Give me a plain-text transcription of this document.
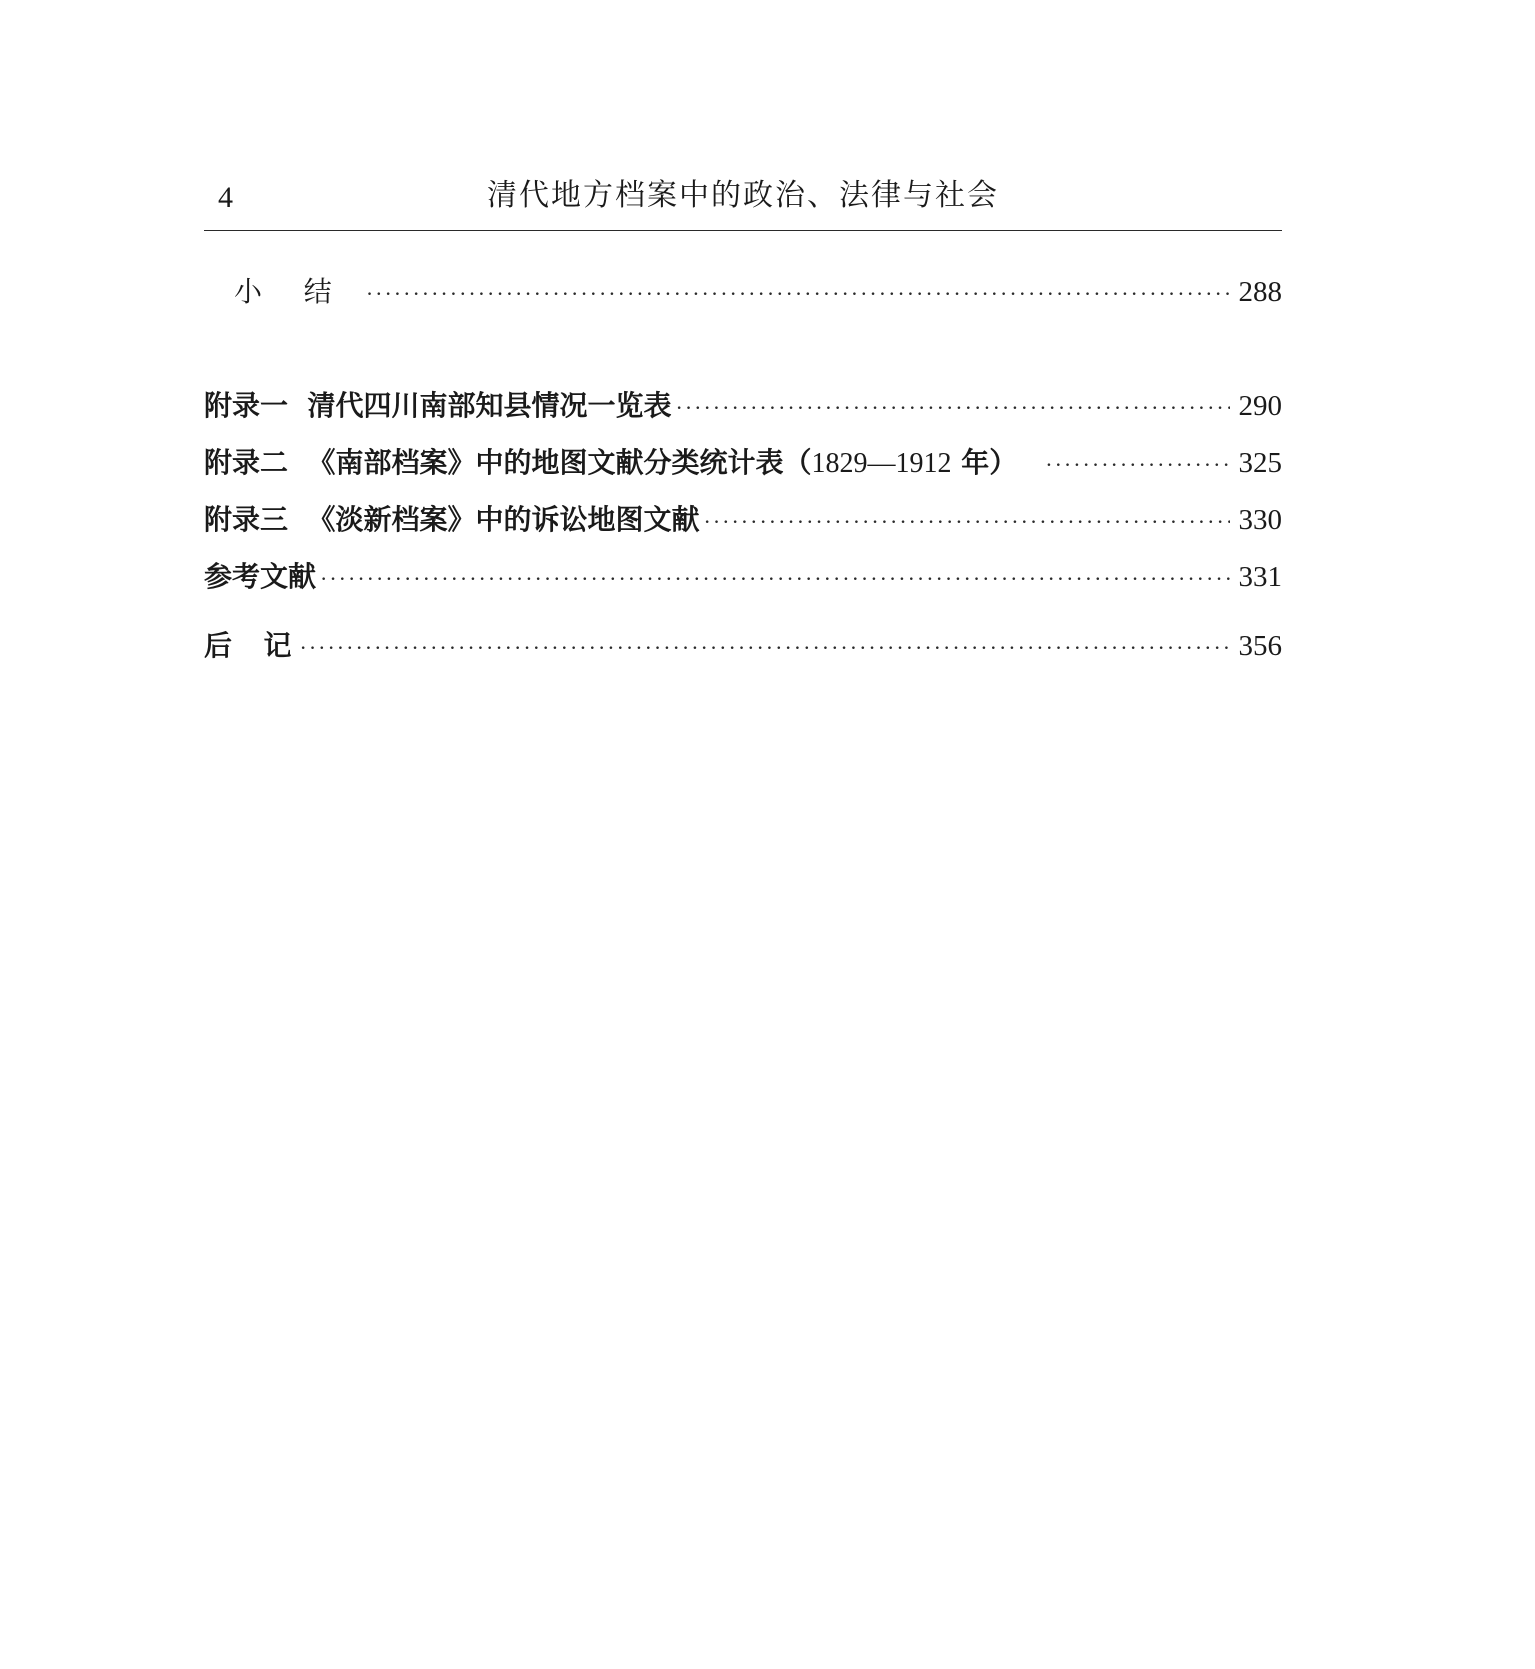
4	清代地方档案中的政治、法律与社会
小  结 ·····	288
附录一  清代四川南部知县情况一览表 ·····	290
附录二  《南部档案》中的地图文献分类统计表（1829—1912 年） ·····	325
附录三  《淡新档案》中的诉讼地图文献 ·····	330
参考文献 ·····	331
后  记 ·····	356
